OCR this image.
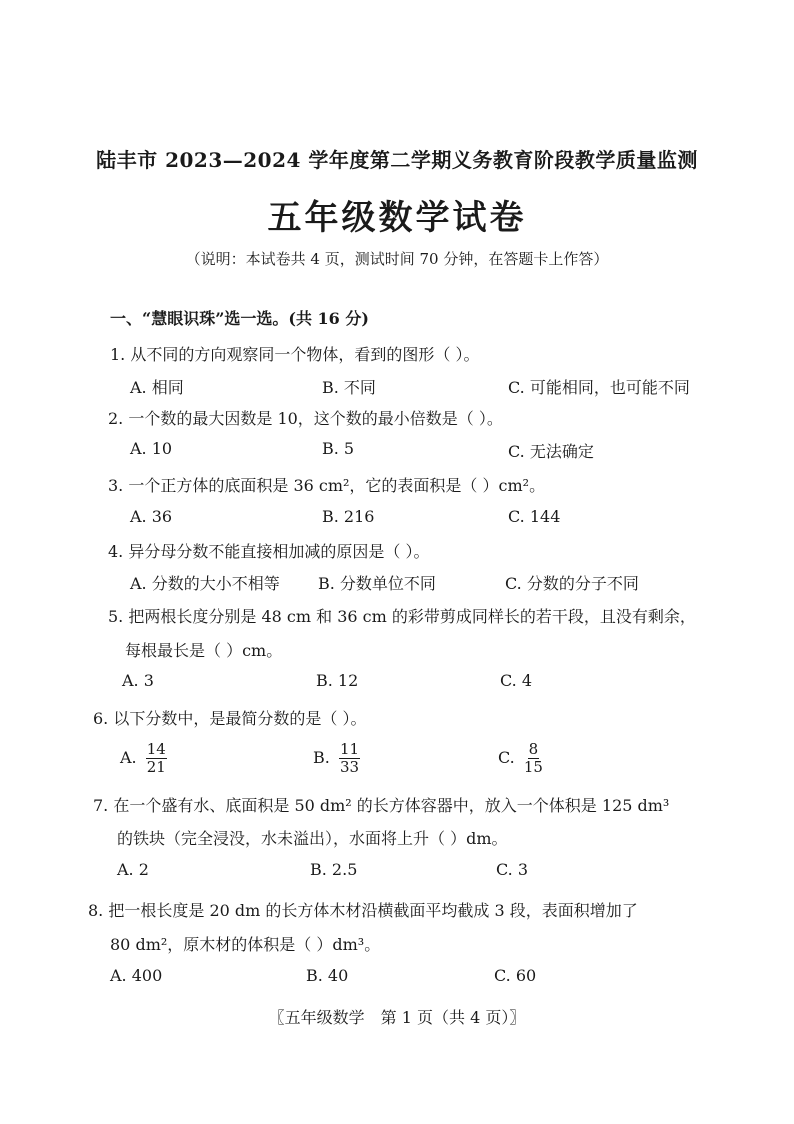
陆丰市 2023—2024 学年度第二学期义务教育阶段教学质量监测
五年级数学试卷
（说明：本试卷共 4 页，测试时间 70 分钟，在答题卡上作答）
一、“慧眼识珠”选一选。(共 16 分)
1. 从不同的方向观察同一个物体，看到的图形（ ）。
A. 相同	B. 不同	C. 可能相同，也可能不同
2. 一个数的最大因数是 10，这个数的最小倍数是（ ）。
A. 10	B. 5	C. 无法确定
3. 一个正方体的底面积是 36 cm²，它的表面积是（ ）cm²。
A. 36	B. 216	C. 144
4. 异分母分数不能直接相加减的原因是（ ）。
A. 分数的大小不相等 B. 分数单位不同	C. 分数的分子不同
5. 把两根长度分别是 48 cm 和 36 cm 的彩带剪成同样长的若干段，且没有剩余，
每根最长是（ ）cm。
A. 3	B. 12	C. 4
6. 以下分数中，是最简分数的是（ ）。
A. $\frac{14}{21}$	B. $\frac{11}{33}$	C. $\frac{8}{15}$
7. 在一个盛有水、底面积是 50 dm² 的长方体容器中，放入一个体积是 125 dm³
的铁块（完全浸没，水未溢出），水面将上升（ ）dm。
A. 2	B. 2.5	C. 3
8. 把一根长度是 20 dm 的长方体木材沿横截面平均截成 3 段，表面积增加了
80 dm²，原木材的体积是（ ）dm³。
A. 400	B. 40	C. 60
〖五年级数学　第 1 页（共 4 页）〗
